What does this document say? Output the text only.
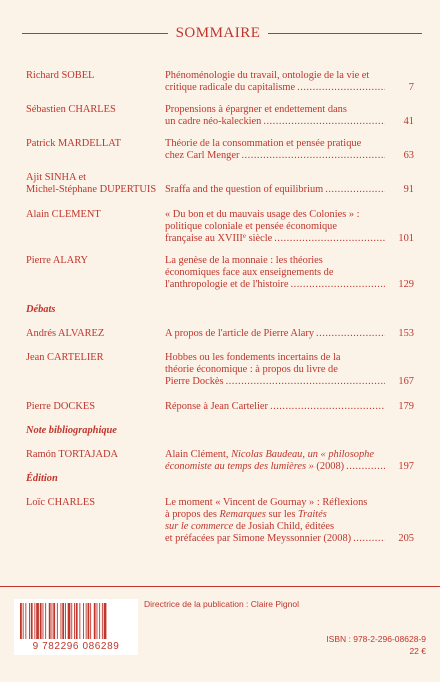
SOMMAIRE
Richard SOBEL	Phénoménologie du travail, ontologie de la vie et
critique radicale du capitalisme .....	7
Sébastien CHARLES	Propensions à épargner et endettement dans
un cadre néo-kaleckien .....	41
Patrick MARDELLAT	Théorie de la consommation et pensée pratique
chez Carl Menger .....	63
Ajit SINHA et
Michel-Stéphane DUPERTUIS Sraffa and the question of equilibrium .....	91
Alain CLEMENT	« Du bon et du mauvais usage des Colonies » :
politique coloniale et pensée économique
française au XVIIIe siècle .....	101
Pierre ALARY	La genèse de la monnaie : les théories
économiques face aux enseignements de
l'anthropologie et de l'histoire .....	129
Débats
Andrés ALVAREZ	A propos de l'article de Pierre Alary .....	153
Jean CARTELIER	Hobbes ou les fondements incertains de la
théorie économique : à propos du livre de
Pierre Dockès .....	167
Pierre DOCKES	Réponse à Jean Cartelier .....	179
Note bibliographique
Ramón TORTAJADA	Alain Clément, Nicolas Baudeau, un « philosophe
économiste au temps des lumières » (2008) .....	197
Édition
Loïc CHARLES	Le moment « Vincent de Gournay » : Réflexions
à propos des Remarques sur les Traités
sur le commerce de Josiah Child, éditées
et préfacées par Simone Meyssonnier (2008) .....	205
9 782296 086289
Directrice de la publication : Claire Pignol
ISBN : 978-2-296-08628-9
22 €
